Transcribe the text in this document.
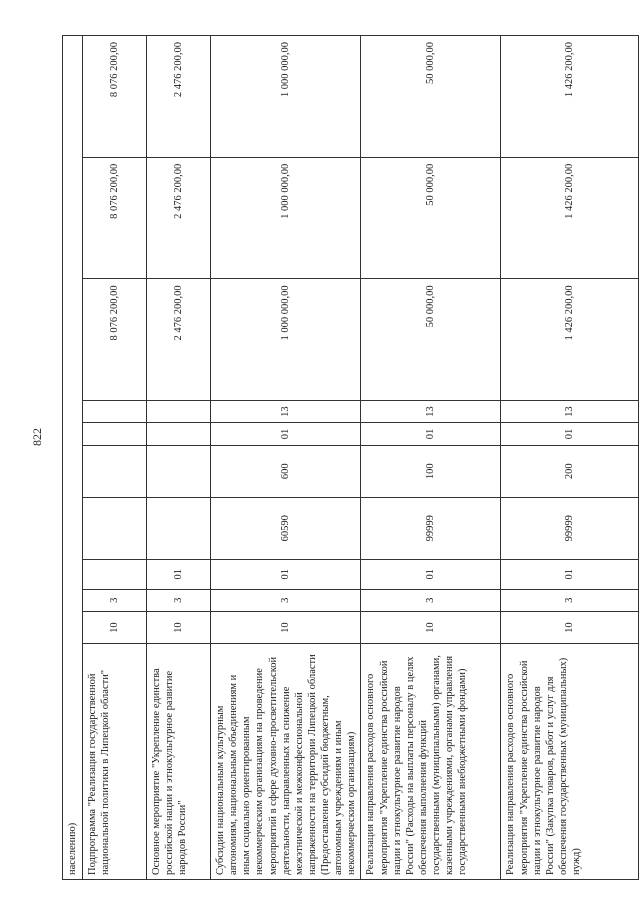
822
населению)										
Подпрограмма "Реализация государственной национальной политики в Липецкой области"	10	3						8 076 200,00	8 076 200,00	8 076 200,00
Основное мероприятие "Укрепление единства российской нации и этнокультурное развитие народов России"	10	3	01					2 476 200,00	2 476 200,00	2 476 200,00
Субсидии национальным культурным автономиям, национальным объединениям и иным социально ориентированным некоммерческим организациям на проведение мероприятий в сфере духовно-просветительской деятельности, направленных на снижение межэтнической и межконфессиональной напряженности на территории Липецкой области (Предоставление субсидий бюджетным, автономным учреждениям и иным некоммерческим организациям)	10	3	01	60590	600	01	13	1 000 000,00	1 000 000,00	1 000 000,00
Реализация направления расходов основного мероприятия "Укрепление единства российской нации и этнокультурное развитие народов России" (Расходы на выплаты персоналу в целях обеспечения выполнения функций государственными (муниципальными) органами, казенными учреждениями, органами управления государственными внебюджетными фондами)	10	3	01	99999	100	01	13	50 000,00	50 000,00	50 000,00
Реализация направления расходов основного мероприятия "Укрепление единства российской нации и этнокультурное развитие народов России" (Закупка товаров, работ и услуг для обеспечения государственных (муниципальных) нужд)	10	3	01	99999	200	01	13	1 426 200,00	1 426 200,00	1 426 200,00
